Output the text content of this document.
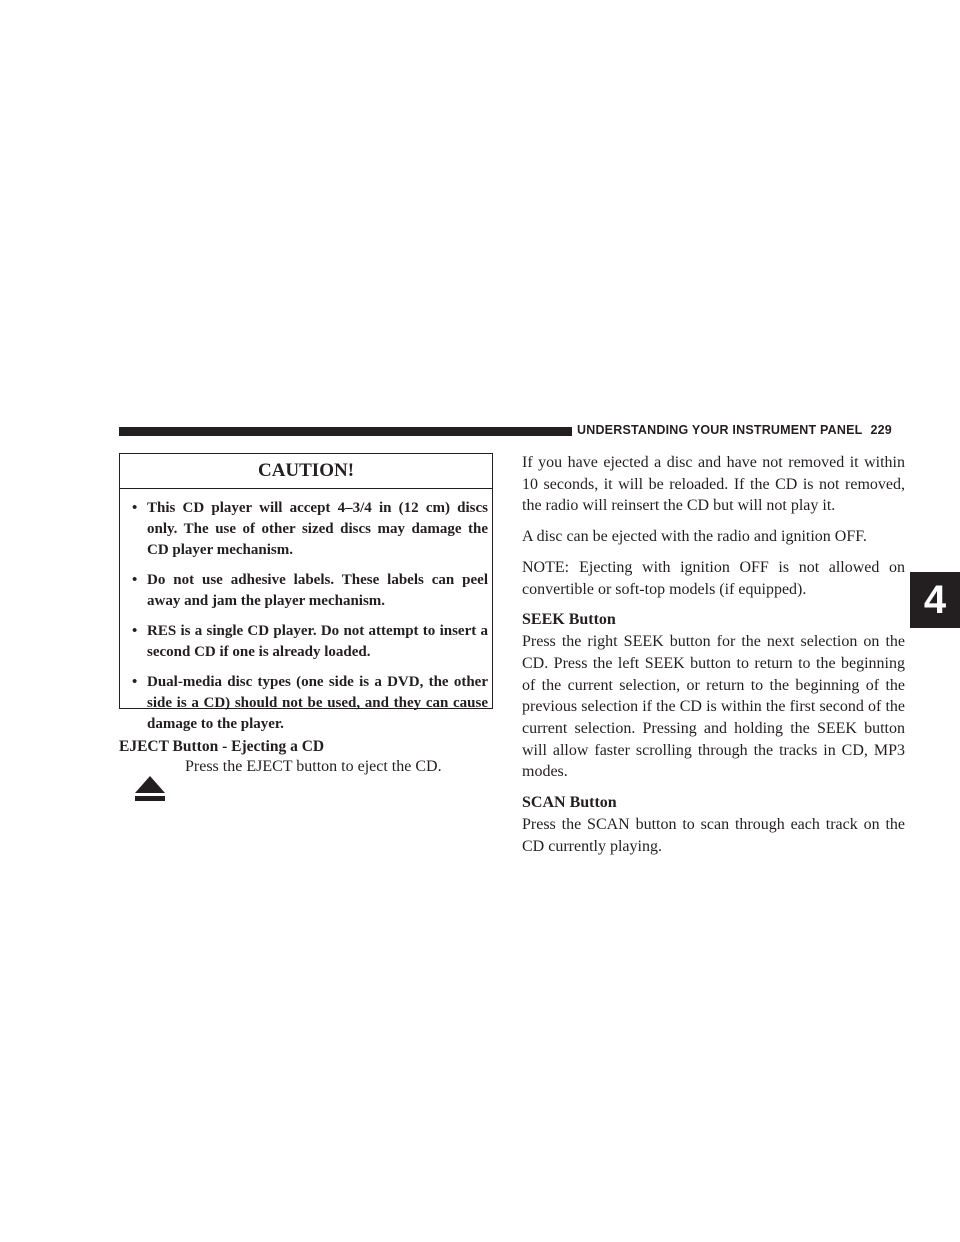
UNDERSTANDING YOUR INSTRUMENT PANEL 229
4
CAUTION!
• This CD player will accept 4–3/4 in (12 cm) discs only. The use of other sized discs may damage the CD player mechanism.
• Do not use adhesive labels. These labels can peel away and jam the player mechanism.
• RES is a single CD player. Do not attempt to insert a second CD if one is already loaded.
• Dual-media disc types (one side is a DVD, the other side is a CD) should not be used, and they can cause damage to the player.
EJECT Button - Ejecting a CD
Press the EJECT button to eject the CD.

If you have ejected a disc and have not removed it within 10 seconds, it will be reloaded. If the CD is not removed, the radio will reinsert the CD but will not play it.

A disc can be ejected with the radio and ignition OFF.

NOTE: Ejecting with ignition OFF is not allowed on convertible or soft-top models (if equipped).

SEEK Button

Press the right SEEK button for the next selection on the CD. Press the left SEEK button to return to the beginning of the current selection, or return to the beginning of the previous selection if the CD is within the first second of the current selection. Pressing and holding the SEEK button will allow faster scrolling through the tracks in CD, MP3 modes.

SCAN Button

Press the SCAN button to scan through each track on the CD currently playing.
